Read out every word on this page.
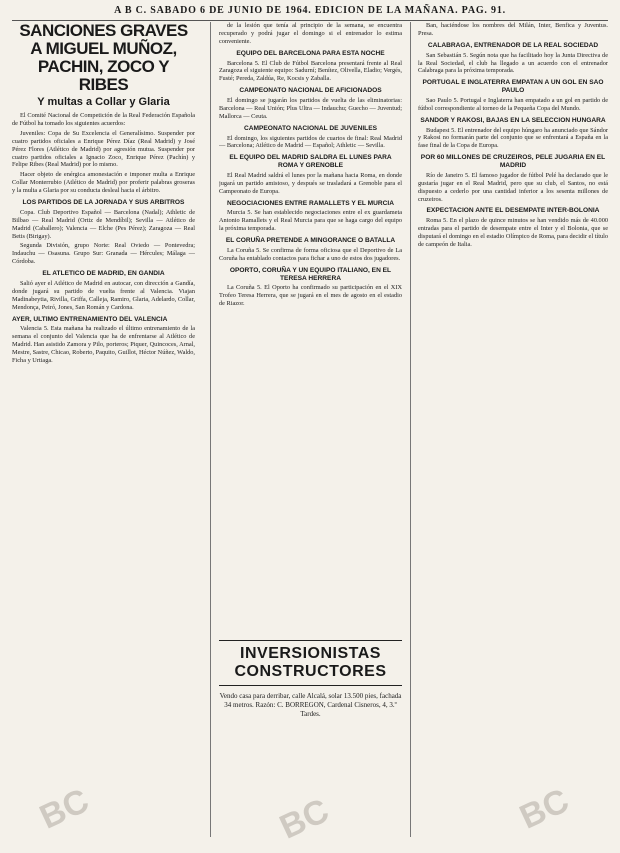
A B C. SABADO 6 DE JUNIO DE 1964. EDICION DE LA MAÑANA. PAG. 91.
SANCIONES GRAVES A MIGUEL MUÑOZ, PACHIN, ZOCO Y RIBES
Y multas a Collar y Glaria

El Comité Nacional de Competición de la Real Federación Española de Fútbol ha tomado los siguientes acuerdos:

Juveniles: Copa de Su Excelencia el Generalísimo. Suspender por cuatro partidos oficiales a Enrique Pérez Díaz (Real Madrid) y José Pérez Flores (Atlético de Madrid) por agresión mutua. Suspender por cuatro partidos oficiales a Ignacio Zoco, Enrique Pérez (Pachín) y Felipe Ribes (Real Madrid) por lo mismo.

Hacer objeto de enérgica amonestación e imponer multa a Enrique Collar Monterrubio (Atlético de Madrid) por proferir palabras groseras y la multa a Glaria por su conducta desleal hacia el árbitro.

LOS PARTIDOS DE LA JORNADA Y SUS ARBITROS

Copa. Club Deportivo Español — Barcelona (Nadal); Athletic de Bilbao — Real Madrid (Ortiz de Mendíbil); Sevilla — Atlético de Madrid (Caballero); Valencia — Elche (Pes Pérez); Zaragoza — Real Betis (Birigay).

Segunda División, grupo Norte: Real Oviedo — Pontevedra; Indauchu — Osasuna. Grupo Sur: Granada — Hércules; Málaga — Córdoba.

EL ATLETICO DE MADRID, EN GANDIA

Salió ayer el Atlético de Madrid en autocar, con dirección a Gandía, donde jugará su partido de vuelta frente al Valencia. Viajan Madinabeytia, Rivilla, Griffa, Calleja, Ramiro, Glaria, Adelardo, Collar, Mendonça, Peiró, Jones, San Román y Cardona.

AYER, ULTIMO ENTRENAMIENTO DEL VALENCIA

Valencia 5. Esta mañana ha realizado el último entrenamiento de la semana el conjunto del Valencia que ha de enfrentarse al Atlético de Madrid. Han asistido Zamora y Pilo, porteros; Piquer, Quincoces, Arnal, Mestre, Sastre, Chicao, Roberto, Paquito, Guillot, Héctor Núñez, Waldo, Ficha y Urtiaga.

de la lesión que tenía al principio de la semana, se encuentra recuperado y podrá jugar el domingo si el entrenador lo estima conveniente.

EQUIPO DEL BARCELONA PARA ESTA NOCHE

Barcelona 5. El Club de Fútbol Barcelona presentará frente al Real Zaragoza el siguiente equipo: Sadurní; Benítez, Olivella, Eladio; Vergés, Fusté; Pereda, Zaldúa, Re, Kocsis y Zaballa.

CAMPEONATO NACIONAL DE AFICIONADOS

El domingo se jugarán los partidos de vuelta de las eliminatorias: Barcelona — Real Unión; Plus Ultra — Indauchu; Guecho — Juventud; Mallorca — Ceuta.

CAMPEONATO NACIONAL DE JUVENILES

El domingo, los siguientes partidos de cuartos de final: Real Madrid — Barcelona; Atlético de Madrid — Español; Athletic — Sevilla.

EL EQUIPO DEL MADRID SALDRA EL LUNES PARA ROMA Y GRENOBLE

El Real Madrid saldrá el lunes por la mañana hacia Roma, en donde jugará un partido amistoso, y después se trasladará a Grenoble para el Campeonato de Europa.

NEGOCIACIONES ENTRE RAMALLETS Y EL MURCIA

Murcia 5. Se han establecido negociaciones entre el ex guardameta Antonio Ramallets y el Real Murcia para que se haga cargo del equipo la próxima temporada.

EL CORUÑA PRETENDE A MINGORANCE O BATALLA

La Coruña 5. Se confirma de forma oficiosa que el Deportivo de La Coruña ha entablado contactos para fichar a uno de estos dos jugadores.

OPORTO, CORUÑA Y UN EQUIPO ITALIANO, EN EL TERESA HERRERA

La Coruña 5. El Oporto ha confirmado su participación en el XIX Trofeo Teresa Herrera, que se jugará en el mes de agosto en el estadio de Riazor.

INVERSIONISTAS CONSTRUCTORES
Vendo casa para derribar, calle Alcalá, solar 13.500 pies, fachada 34 metros. Razón: C. BORREGON, Cardenal Cisneros, 4, 3.º Tardes.

Ban, haciéndose los nombres del Milán, Inter, Benfica y Juventus. Presa.

CALABRAGA, ENTRENADOR DE LA REAL SOCIEDAD

San Sebastián 5. Según nota que ha facilitado hoy la Junta Directiva de la Real Sociedad, el club ha llegado a un acuerdo con el entrenador Calabraga para la próxima temporada.

PORTUGAL E INGLATERRA EMPATAN A UN GOL EN SAO PAULO

Sao Paulo 5. Portugal e Inglaterra han empatado a un gol en partido de fútbol correspondiente al torneo de la Pequeña Copa del Mundo.

SANDOR Y RAKOSI, BAJAS EN LA SELECCION HUNGARA

Budapest 5. El entrenador del equipo húngaro ha anunciado que Sándor y Rakosi no formarán parte del conjunto que se enfrentará a España en la fase final de la Copa de Europa.

POR 60 MILLONES DE CRUZEIROS, PELE JUGARIA EN EL MADRID

Río de Janeiro 5. El famoso jugador de fútbol Pelé ha declarado que le gustaría jugar en el Real Madrid, pero que su club, el Santos, no está dispuesto a cederlo por una cantidad inferior a los sesenta millones de cruzeiros.

EXPECTACION ANTE EL DESEMPATE INTER-BOLONIA

Roma 5. En el plazo de quince minutos se han vendido más de 40.000 entradas para el partido de desempate entre el Inter y el Bolonia, que se disputará el domingo en el estadio Olímpico de Roma, para decidir el título de campeón de Italia.

BC	BC	BC
